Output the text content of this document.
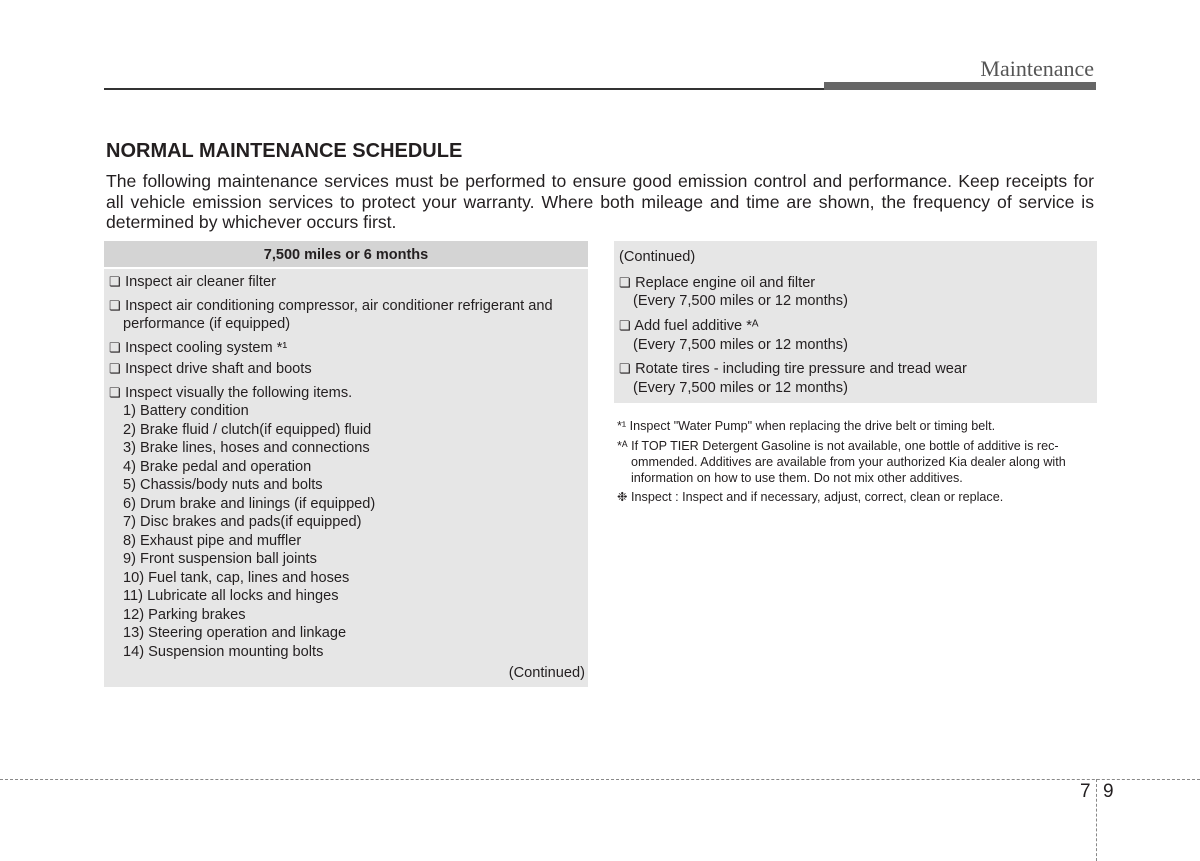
Maintenance
NORMAL MAINTENANCE SCHEDULE
The following maintenance services must be performed to ensure good emission control and performance. Keep receipts for all vehicle emission services to protect your warranty. Where both mileage and time are shown, the frequency of service is determined by whichever occurs first.
7,500 miles or 6 months
❏ Inspect air cleaner filter
❏ Inspect air conditioning compressor, air conditioner refrigerant and
performance (if equipped)
❏ Inspect cooling system *¹
❏ Inspect drive shaft and boots
❏ Inspect visually the following items.
1) Battery condition
2) Brake fluid / clutch(if equipped) fluid
3) Brake lines, hoses and connections
4) Brake pedal and operation
5) Chassis/body nuts and bolts
6) Drum brake and linings (if equipped)
7) Disc brakes and pads(if equipped)
8) Exhaust pipe and muffler
9) Front suspension ball joints
10) Fuel tank, cap, lines and hoses
11) Lubricate all locks and hinges
12) Parking brakes
13) Steering operation and linkage
14) Suspension mounting bolts
(Continued)
(Continued)
❏ Replace engine oil and filter
(Every 7,500 miles or 12 months)
❏ Add fuel additive *ᴬ
(Every 7,500 miles or 12 months)
❏ Rotate tires - including tire pressure and tread wear
(Every 7,500 miles or 12 months)
*¹ Inspect "Water Pump" when replacing the drive belt or timing belt.
*ᴬ If TOP TIER Detergent Gasoline is not available, one bottle of additive is rec-
ommended. Additives are available from your authorized Kia dealer along with
information on how to use them. Do not mix other additives.
❉ Inspect : Inspect and if necessary, adjust, correct, clean or replace.
7 9
